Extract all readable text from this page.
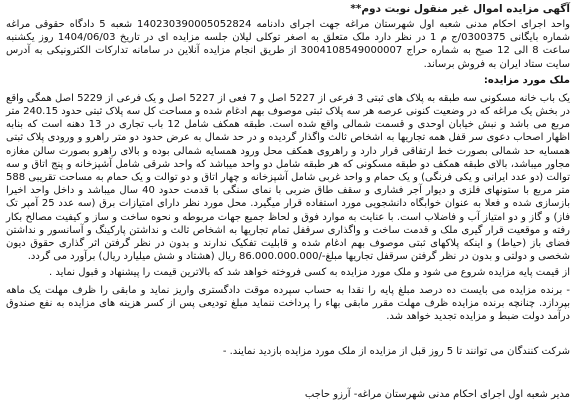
آگهی مزایده اموال غیر منقول نوبت دوم**

واحد اجرای احکام مدنی شعبه اول شهرستان مراغه جهت اجرای دادنامه 140230390005052824 شعبه 5 دادگاه حقوقی مراغه شماره بایگانی 0300375/ج م 1 در نظر دارد ملک متعلق به اصغر توکلی لیلان جلسه مزایده ای در تاریخ 1404/06/03 روز یکشنبه ساعت 8 الی 12 صبح به شماره حراج 3004108549000007 از طریق انجام مزایده آنلاین در سامانه تدارکات الکترونیکی به آدرس سایت ستاد ایران به فروش برساند.

ملک مورد مزایده:

یک باب خانه مسکونی سه طبقه به پلاک های ثبتی 3 فرعی از 5227 اصل و 7 فعی از 5227 اصل و یک فرعی از 5229 اصل همگی واقع در بخش یک مراغه که در وضعیت کنونی عرصه هر سه پلاک ثبتی موصوف بهم ادغام شده و مساحت کل سه پلاک ثبتی حدود 240.15 متر مربع می باشد و نبش خیابان اوحدی و قسمت شمالی واقع شده است. طبقه همکف شامل 12 باب تجاری در 13 دهنه است که بنابه اظهار اصحاب دعوی سر قفل همه تجاریها به اشخاص ثالث واگذار گردیده و در حد شمال به عرض حدود دو متر راهرو و ورودی پلاک ثبتی همسایه حد شمالی بصورت خط ارتفاقی قرار دارد و راهروی همکف محل ورود همسایه شمالی بوده و بالای راهرو بصورت سالن مغازه مجاور میباشد، بالای طبقه همکف دو طبقه مسکونی که هر طبقه شامل دو واحد میباشد که واحد شرقی شامل آشپزخانه و پنج اتاق و سه توالت (دو عدد ایرانی و یکی فرنگی) و یک حمام و واحد غربی شامل آشپزخانه و چهار اتاق و دو توالت و یک حمام به مساحت تقریبی 588 متر مربع با ستونهای فلزی و دیوار آجر فشاری و سقف طاق ضربی با نمای سنگی با قدمت حدود 40 سال میباشد و داخل واحد اخیرا بازسازی شده و فعلا به عنوان خوابگاه دانشجویی مورد استفاده قرار میگیرد. محل مورد نظر دارای امتیازات برق (سه عدد 25 آمپر تک فاز) و گاز و دو امتیاز آب و فاضلاب است. با عنایت به موارد فوق و لحاظ جمیع جهات مربوطه و نحوه ساخت و ساز و کیفیت مصالح بکار رفته و موقعیت قرار گیری ملک و قدمت ساخت و واگذاری سرقفل تمام تجاریها به اشخاص ثالث و نداشتن پارکینگ و آسانسور و نداشتن فضای باز (حیاط) و اینکه پلاکهای ثبتی موصوف بهم ادغام شده و قابلیت تفکیک ندارند و بدون در نظر گرفتن اثر گذاری حقوق دیون شخصی و دولتی و بدون در نظر گرفتن سرقفل تجاریها مبلغ-/86.000.000.000 ریال (هشتاد و شش میلیارد ریال) برآورد می گردد.

از قیمت پایه مزایده شروع می شود و ملک مورد مزایده به کسی فروخته خواهد شد که بالاترین قیمت را پیشنهاد و قبول نماید .

- برنده مزایده می بایست ده درصد مبلغ پایه را نقدا به حساب سپرده موقت دادگستری واریز نماید و مابقی را ظرف مهلت یک ماهه بپردازد. چنانچه برنده مزایده ظرف مهلت مقرر مابقی بهاء را پرداخت ننماید مبلغ تودیعی پس از کسر هزینه های مزایده به نفع صندوق درآمد دولت ضبط و مزایده تجدید خواهد شد.

شرکت کنندگان می توانند تا 5 روز قبل از مزایده از ملک مورد مزایده بازدید نمایند. -

مدیر شعبه اول اجرای احکام مدنی شهرستان مراغه- آرزو حاجب
